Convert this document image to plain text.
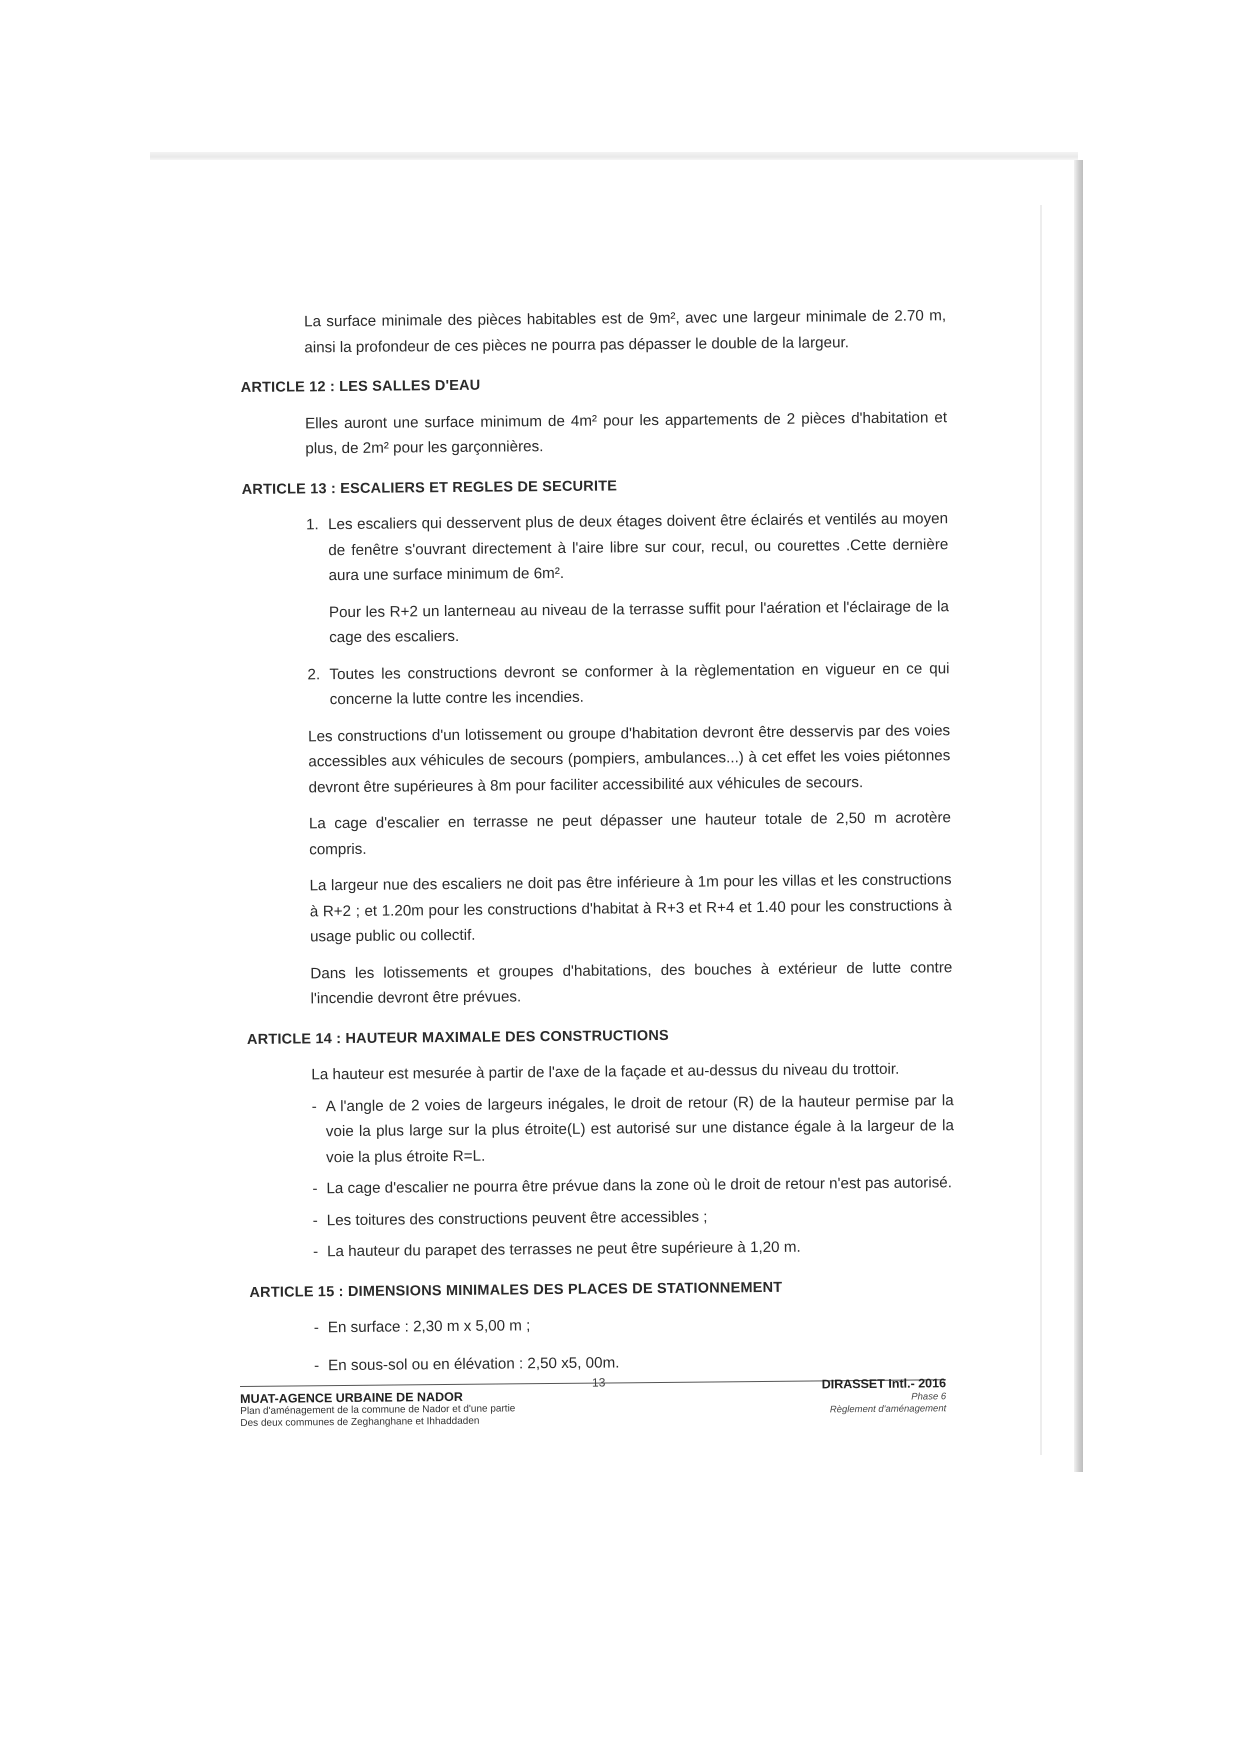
La surface minimale des pièces habitables est de 9m², avec une largeur minimale de 2.70 m, ainsi la profondeur de ces pièces ne pourra pas dépasser le double de la largeur.

ARTICLE 12 : LES SALLES D'EAU

Elles auront une surface minimum de 4m² pour les appartements de 2 pièces d'habitation et plus, de 2m² pour les garçonnières.

ARTICLE 13 : ESCALIERS ET REGLES DE SECURITE

1. Les escaliers qui desservent plus de deux étages doivent être éclairés et ventilés au moyen de fenêtre s'ouvrant directement à l'aire libre sur cour, recul, ou courettes .Cette dernière aura une surface minimum de 6m².

Pour les R+2 un lanterneau au niveau de la terrasse suffit pour l'aération et l'éclairage de la cage des escaliers.

2. Toutes les constructions devront se conformer à la règlementation en vigueur en ce qui concerne la lutte contre les incendies.

Les constructions d'un lotissement ou groupe d'habitation devront être desservis par des voies accessibles aux véhicules de secours (pompiers, ambulances...) à cet effet les voies piétonnes devront être supérieures à 8m pour faciliter accessibilité aux véhicules de secours.

La cage d'escalier en terrasse ne peut dépasser une hauteur totale de 2,50 m acrotère compris.

La largeur nue des escaliers ne doit pas être inférieure à 1m pour les villas et les constructions à R+2 ; et 1.20m pour les constructions d'habitat à R+3 et R+4 et 1.40 pour les constructions à usage public ou collectif.

Dans les lotissements et groupes d'habitations, des bouches à extérieur de lutte contre l'incendie devront être prévues.

ARTICLE 14 : HAUTEUR MAXIMALE DES CONSTRUCTIONS

La hauteur est mesurée à partir de l'axe de la façade et au-dessus du niveau du trottoir.

- A l'angle de 2 voies de largeurs inégales, le droit de retour (R) de la hauteur permise par la voie la plus large sur la plus étroite(L) est autorisé sur une distance égale à la largeur de la voie la plus étroite R=L.
- La cage d'escalier ne pourra être prévue dans la zone où le droit de retour n'est pas autorisé.
- Les toitures des constructions peuvent être accessibles ;
- La hauteur du parapet des terrasses ne peut être supérieure à 1,20 m.

ARTICLE 15 : DIMENSIONS MINIMALES DES PLACES DE STATIONNEMENT

- En surface : 2,30 m x 5,00 m ;
- En sous-sol ou en élévation : 2,50 x5, 00m.
MUAT-AGENCE URBAINE DE NADOR
Plan d'aménagement de la commune de Nador et d'une partie
Des deux communes de Zeghanghane et Ihhaddaden
13	DIRASSET Intl.- 2016
Phase 6
Règlement d'aménagement
